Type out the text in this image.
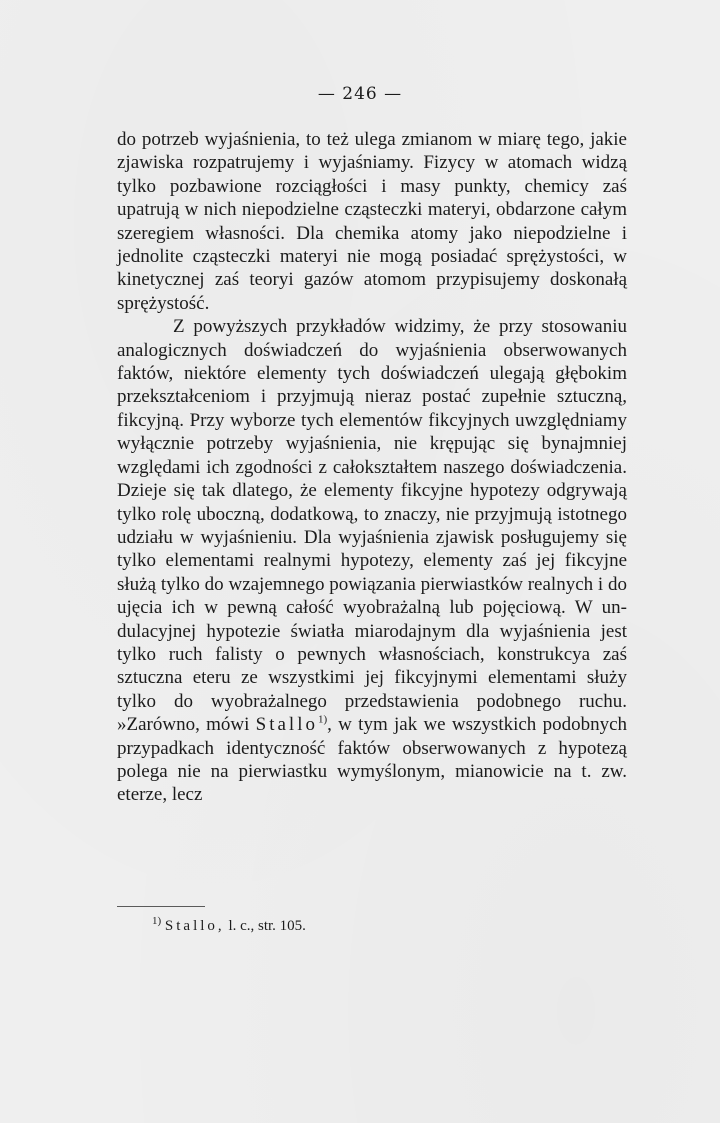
— 246 —

do potrzeb wyjaśnienia, to też ulega zmianom w miarę tego, jakie zjawiska rozpatrujemy i wyjaśniamy. Fizycy w atomach widzą tylko pozbawione rozciągłości i masy punkty, chemicy zaś upatrują w nich niepodzielne cząsteczki materyi, obdarzone całym szeregiem własności. Dla chemika atomy jako niepodzielne i jednolite cząsteczki materyi nie mogą posiadać sprężystości, w kinetycznej zaś teoryi gazów atomom przypisujemy doskonałą sprężystość.

Z powyższych przykładów widzimy, że przy stosowaniu analogicznych doświadczeń do wyjaśnienia obserwowanych faktów, niektóre elementy tych doświadczeń ulegają głębokim przekształceniom i przyjmują nieraz postać zupełnie sztuczną, fikcyjną. Przy wyborze tych elementów fikcyjnych uwzględniamy wyłącznie potrzeby wyjaśnienia, nie krępując się bynajmniej względami ich zgodności z całokształtem naszego doświadczenia. Dzieje się tak dlatego, że elementy fikcyjne hypotezy odgrywają tylko rolę uboczną, dodatkową, to znaczy, nie przyjmują istotnego udziału w wyjaśnieniu. Dla wyjaśnienia zjawisk posługujemy się tylko elementami realnymi hypotezy, elementy zaś jej fikcyjne służą tylko do wzajemnego powiązania pierwiastków realnych i do ujęcia ich w pewną całość wyobrażalną lub pojęciową. W undulacyjnej hypotezie światła miarodajnym dla wyjaśnienia jest tylko ruch falisty o pewnych własnościach, konstrukcya zaś sztuczna eteru ze wszystkimi jej fikcyjnymi elementami służy tylko do wyobrażalnego przedstawienia podobnego ruchu. »Zarówno, mówi Stallo$^{1)}$, w tym jak we wszystkich podobnych przypadkach identyczność faktów obserwowanych z hypotezą polega nie na pierwiastku wymyślonym, mianowicie na t. zw. eterze, lecz

$^{1)}$ Stallo, l. c., str. 105.
